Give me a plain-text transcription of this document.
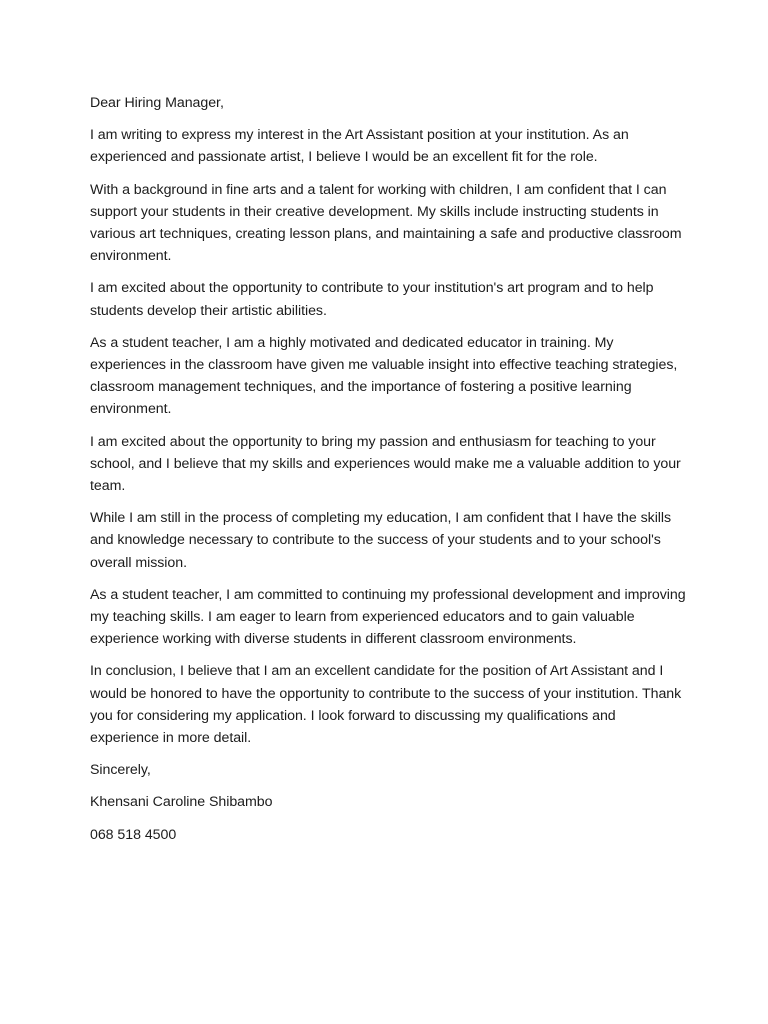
Dear Hiring Manager,

I am writing to express my interest in the Art Assistant position at your institution. As an experienced and passionate artist, I believe I would be an excellent fit for the role.

With a background in fine arts and a talent for working with children, I am confident that I can support your students in their creative development. My skills include instructing students in various art techniques, creating lesson plans, and maintaining a safe and productive classroom environment.

I am excited about the opportunity to contribute to your institution's art program and to help students develop their artistic abilities.

As a student teacher, I am a highly motivated and dedicated educator in training. My experiences in the classroom have given me valuable insight into effective teaching strategies, classroom management techniques, and the importance of fostering a positive learning environment.

I am excited about the opportunity to bring my passion and enthusiasm for teaching to your school, and I believe that my skills and experiences would make me a valuable addition to your team.

While I am still in the process of completing my education, I am confident that I have the skills and knowledge necessary to contribute to the success of your students and to your school's overall mission.

As a student teacher, I am committed to continuing my professional development and improving my teaching skills. I am eager to learn from experienced educators and to gain valuable experience working with diverse students in different classroom environments.

In conclusion, I believe that I am an excellent candidate for the position of Art Assistant and I would be honored to have the opportunity to contribute to the success of your institution. Thank you for considering my application. I look forward to discussing my qualifications and experience in more detail.

Sincerely,

Khensani Caroline Shibambo

068 518 4500
